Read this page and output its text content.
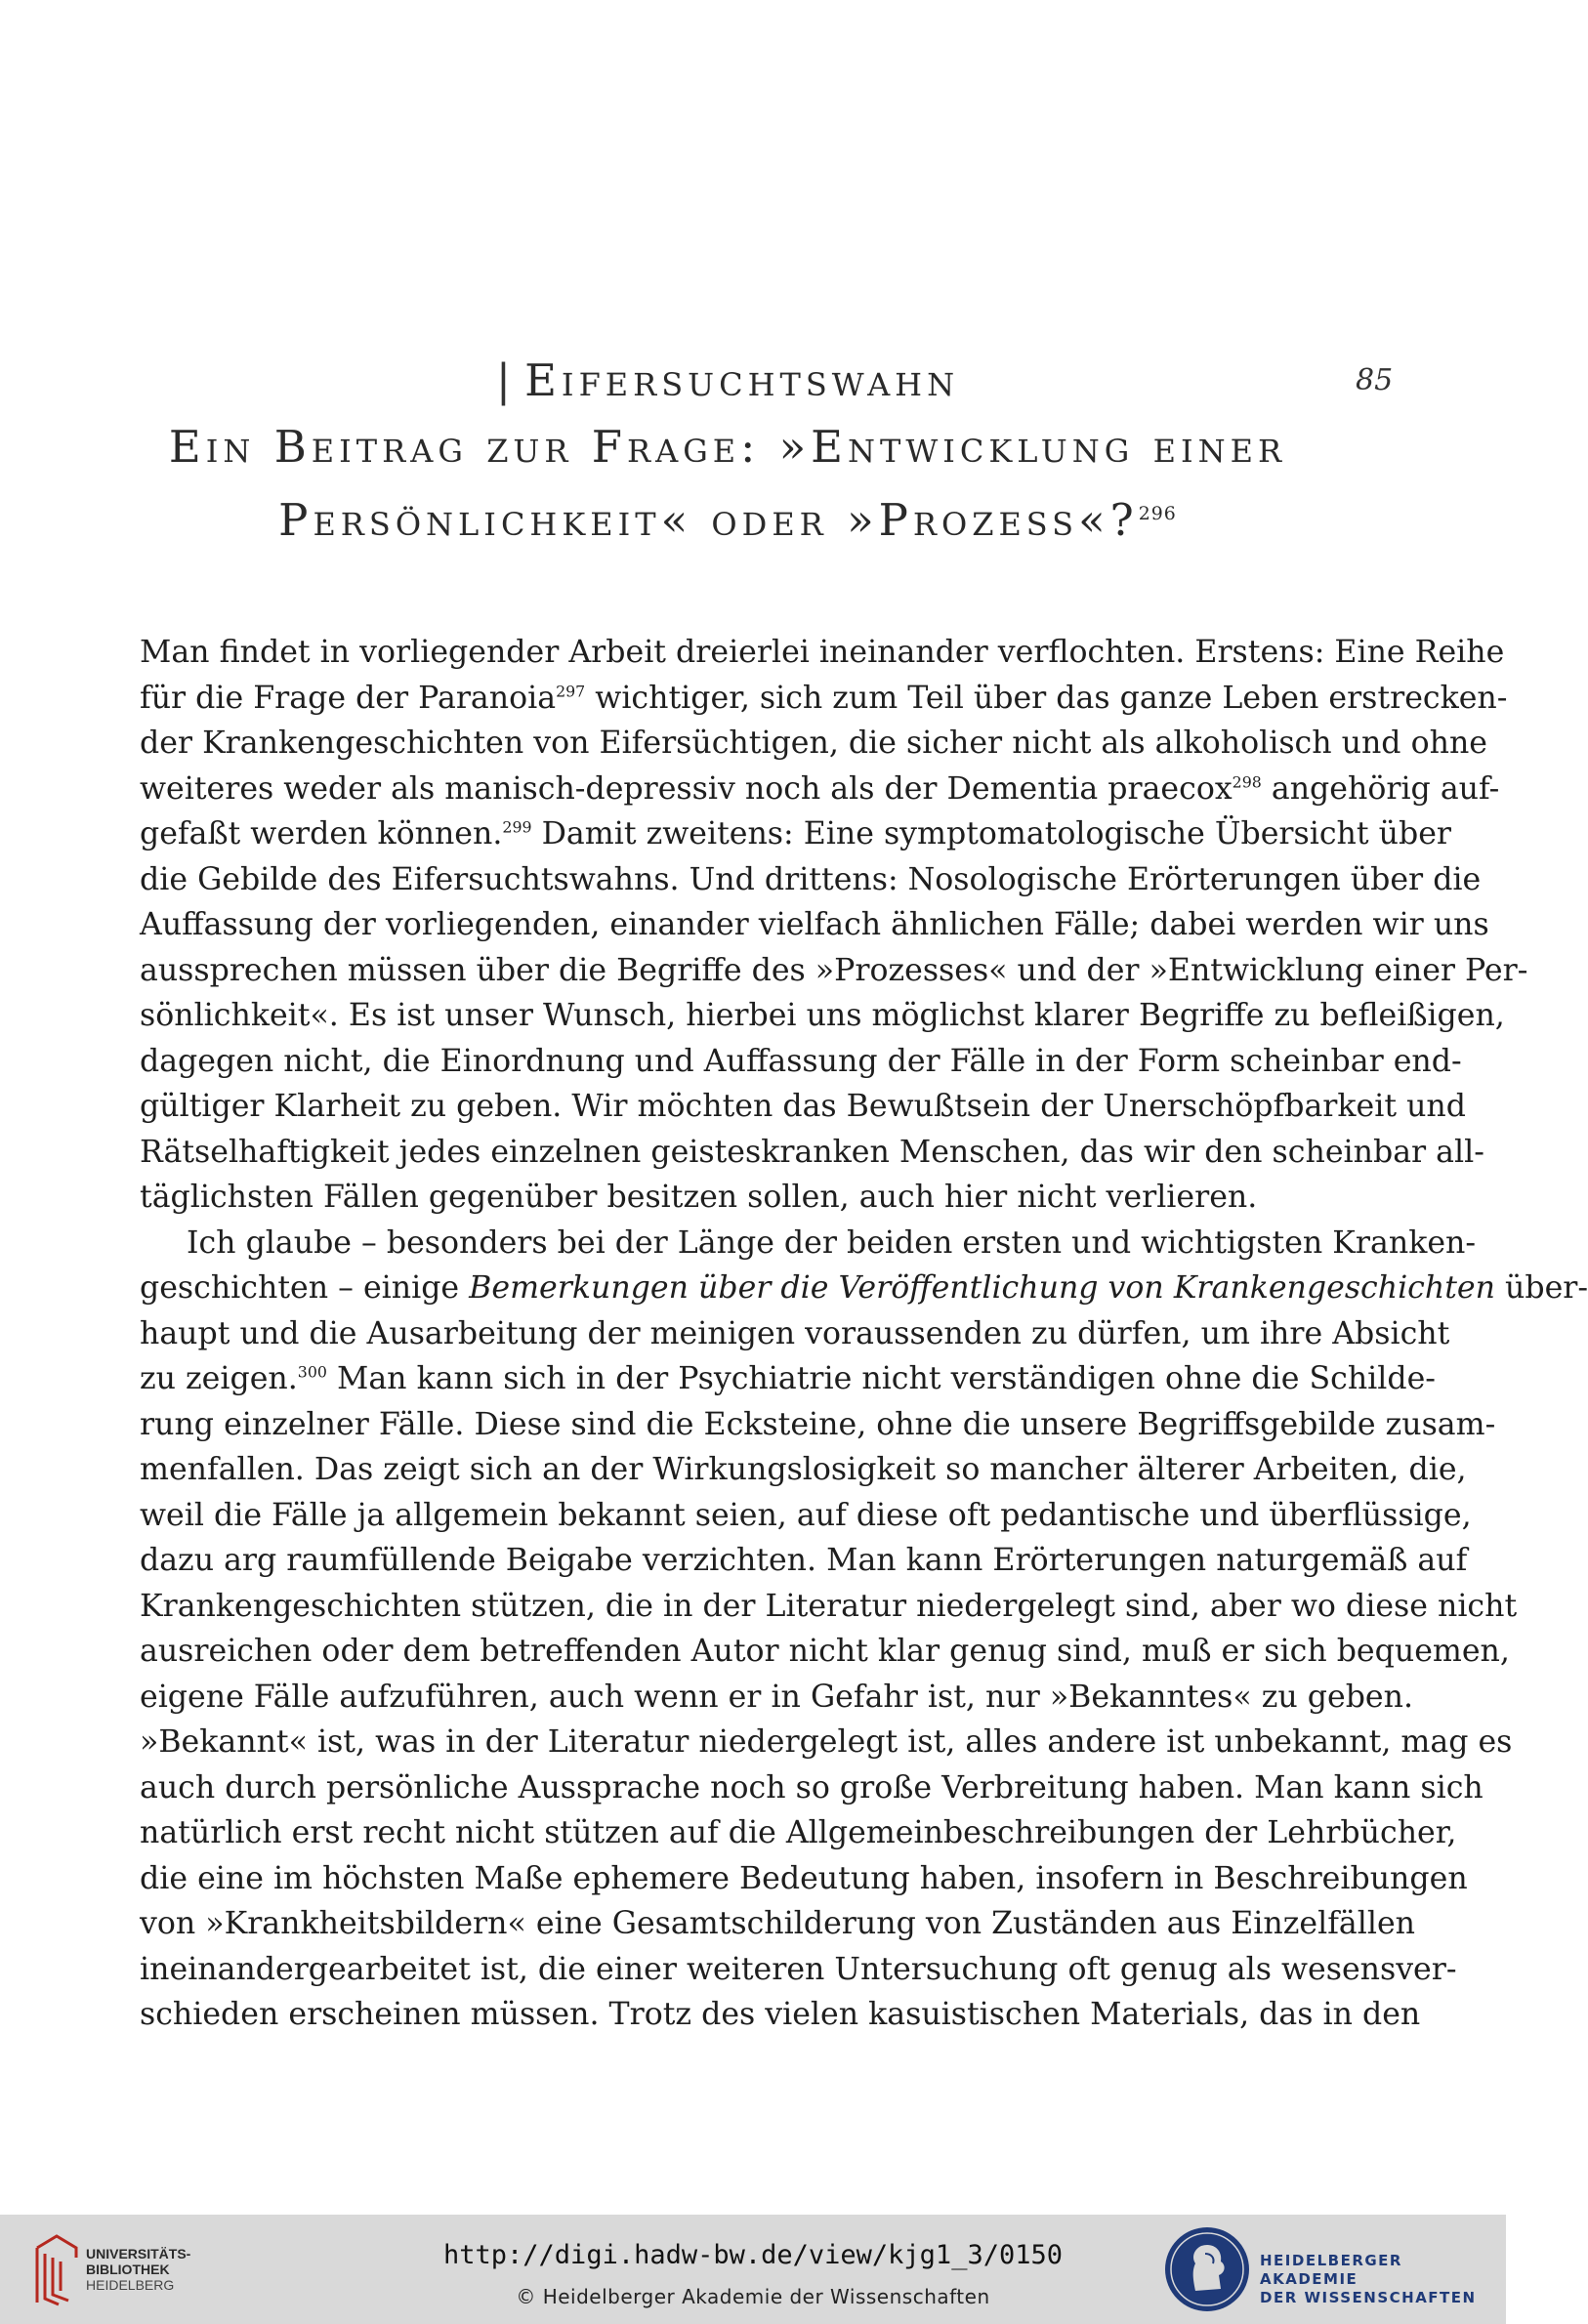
85
| Eifersuchtswahn
Ein Beitrag zur Frage: »Entwicklung einer
Persönlichkeit« oder »Prozess«?$^{296}$

Man findet in vorliegender Arbeit dreierlei ineinander verflochten. Erstens: Eine Reihe
für die Frage der Paranoia$^{297}$ wichtiger, sich zum Teil über das ganze Leben erstrecken-
der Krankengeschichten von Eifersüchtigen, die sicher nicht als alkoholisch und ohne
weiteres weder als manisch-depressiv noch als der Dementia praecox$^{298}$ angehörig auf-
gefaßt werden können.$^{299}$ Damit zweitens: Eine symptomatologische Übersicht über
die Gebilde des Eifersuchtswahns. Und drittens: Nosologische Erörterungen über die
Auffassung der vorliegenden, einander vielfach ähnlichen Fälle; dabei werden wir uns
aussprechen müssen über die Begriffe des »Prozesses« und der »Entwicklung einer Per-
sönlichkeit«. Es ist unser Wunsch, hierbei uns möglichst klarer Begriffe zu befleißigen,
dagegen nicht, die Einordnung und Auffassung der Fälle in der Form scheinbar end-
gültiger Klarheit zu geben. Wir möchten das Bewußtsein der Unerschöpfbarkeit und
Rätselhaftigkeit jedes einzelnen geisteskranken Menschen, das wir den scheinbar all-
täglichsten Fällen gegenüber besitzen sollen, auch hier nicht verlieren.

Ich glaube – besonders bei der Länge der beiden ersten und wichtigsten Kranken-
geschichten – einige Bemerkungen über die Veröffentlichung von Krankengeschichten über-
haupt und die Ausarbeitung der meinigen voraussenden zu dürfen, um ihre Absicht
zu zeigen.$^{300}$ Man kann sich in der Psychiatrie nicht verständigen ohne die Schilde-
rung einzelner Fälle. Diese sind die Ecksteine, ohne die unsere Begriffsgebilde zusam-
menfallen. Das zeigt sich an der Wirkungslosigkeit so mancher älterer Arbeiten, die,
weil die Fälle ja allgemein bekannt seien, auf diese oft pedantische und überflüssige,
dazu arg raumfüllende Beigabe verzichten. Man kann Erörterungen naturgemäß auf
Krankengeschichten stützen, die in der Literatur niedergelegt sind, aber wo diese nicht
ausreichen oder dem betreffenden Autor nicht klar genug sind, muß er sich bequemen,
eigene Fälle aufzuführen, auch wenn er in Gefahr ist, nur »Bekanntes« zu geben.
»Bekannt« ist, was in der Literatur niedergelegt ist, alles andere ist unbekannt, mag es
auch durch persönliche Aussprache noch so große Verbreitung haben. Man kann sich
natürlich erst recht nicht stützen auf die Allgemeinbeschreibungen der Lehrbücher,
die eine im höchsten Maße ephemere Bedeutung haben, insofern in Beschreibungen
von »Krankheitsbildern« eine Gesamtschilderung von Zuständen aus Einzelfällen
ineinandergearbeitet ist, die einer weiteren Untersuchung oft genug als wesensver-
schieden erscheinen müssen. Trotz des vielen kasuistischen Materials, das in den

UNIVERSITÄTS-
BIBLIOTHEK
HEIDELBERG
http://digi.hadw-bw.de/view/kjg1_3/0150
© Heidelberger Akademie der Wissenschaften
HEIDELBERGER AKADEMIE
DER WISSENSCHAFTEN
